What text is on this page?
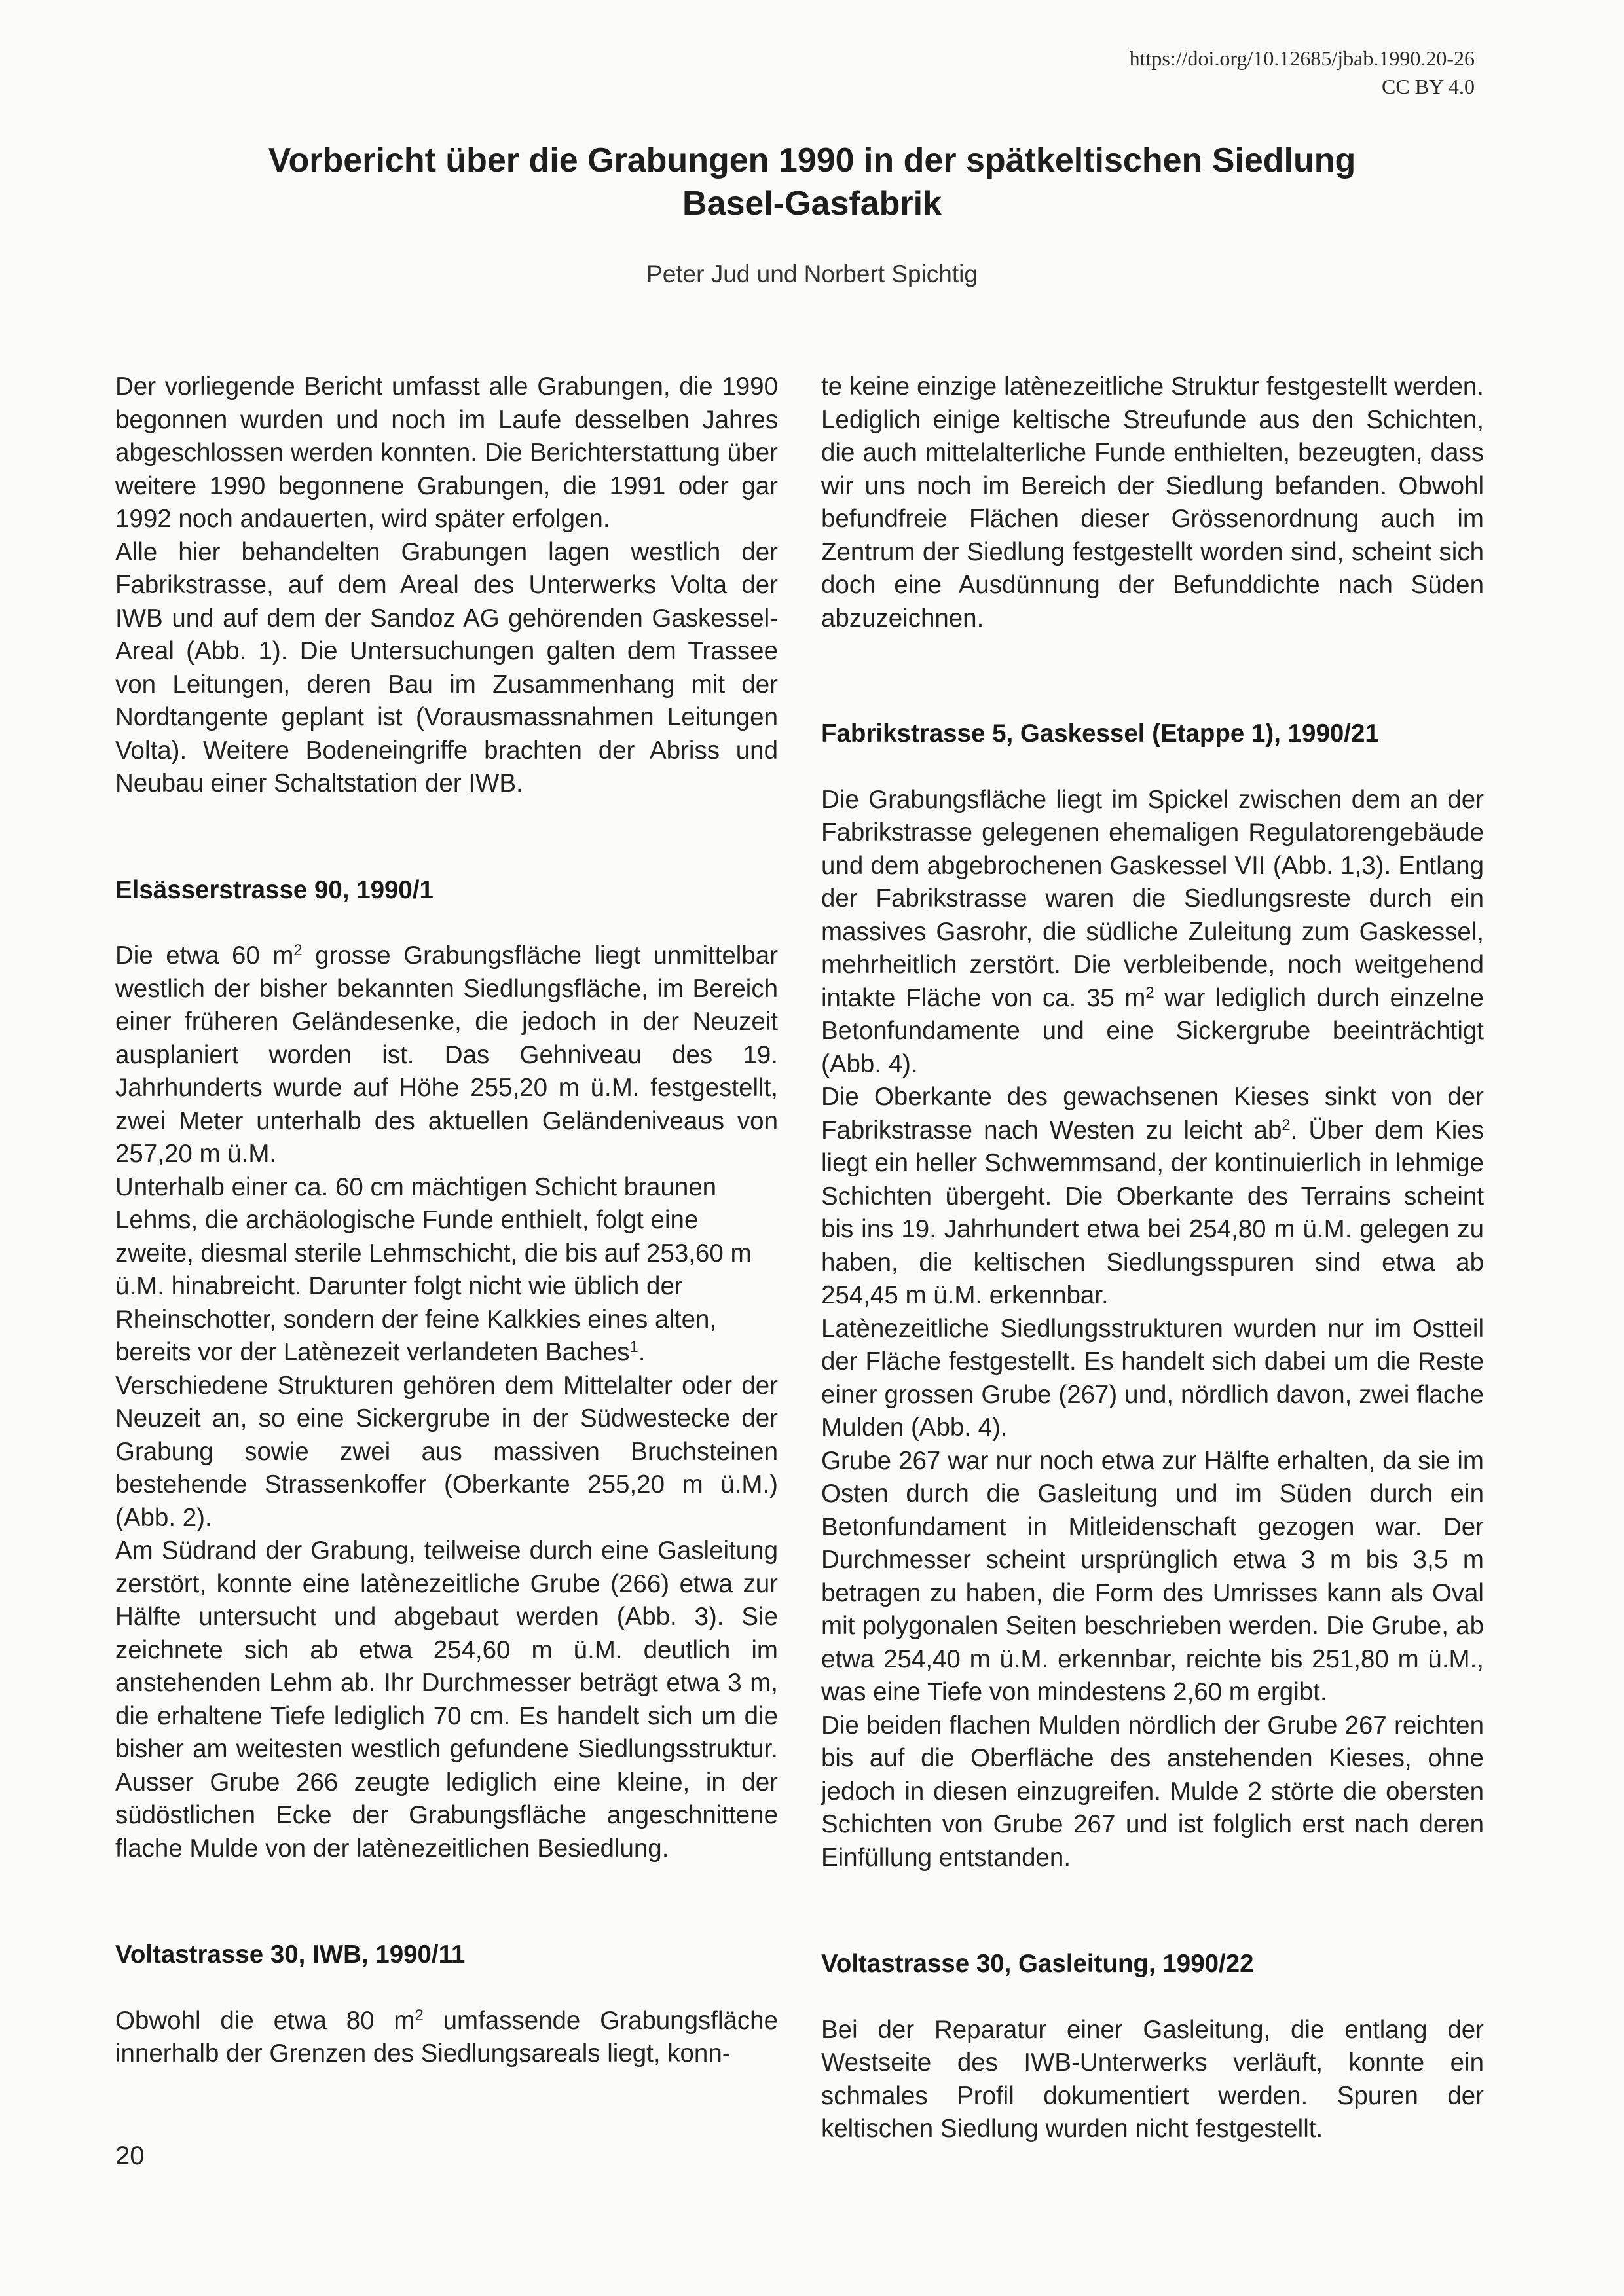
https://doi.org/10.12685/jbab.1990.20-26
CC BY 4.0
Vorbericht über die Grabungen 1990 in der spätkeltischen Siedlung
Basel-Gasfabrik
Peter Jud und Norbert Spichtig

Der vorliegende Bericht umfasst alle Grabungen, die 1990 begonnen wurden und noch im Laufe desselben Jahres abgeschlossen werden konnten. Die Berichterstattung über weitere 1990 begonnene Grabungen, die 1991 oder gar 1992 noch andauerten, wird später erfolgen.

Alle hier behandelten Grabungen lagen westlich der Fabrikstrasse, auf dem Areal des Unterwerks Volta der IWB und auf dem der Sandoz AG gehörenden Gaskessel-Areal (Abb. 1). Die Untersuchungen galten dem Trassee von Leitungen, deren Bau im Zusammenhang mit der Nordtangente geplant ist (Vorausmassnahmen Leitungen Volta). Weitere Bodeneingriffe brachten der Abriss und Neubau einer Schaltstation der IWB.

Elsässerstrasse 90, 1990/1

Die etwa 60 $m^2$ grosse Grabungsfläche liegt unmittelbar westlich der bisher bekannten Siedlungsfläche, im Bereich einer früheren Geländesenke, die jedoch in der Neuzeit ausplaniert worden ist. Das Gehniveau des 19. Jahrhunderts wurde auf Höhe 255,20 m ü.M. festgestellt, zwei Meter unterhalb des aktuellen Geländeniveaus von 257,20 m ü.M.

Unterhalb einer ca. 60 cm mächtigen Schicht braunen Lehms, die archäologische Funde enthielt, folgt eine zweite, diesmal sterile Lehmschicht, die bis auf 253,60 m ü.M. hinabreicht. Darunter folgt nicht wie üblich der Rheinschotter, sondern der feine Kalkkies eines alten, bereits vor der Latènezeit verlandeten Baches$^1$.

Verschiedene Strukturen gehören dem Mittelalter oder der Neuzeit an, so eine Sickergrube in der Südwestecke der Grabung sowie zwei aus massiven Bruchsteinen bestehende Strassenkoffer (Oberkante 255,20 m ü.M.) (Abb. 2).

Am Südrand der Grabung, teilweise durch eine Gasleitung zerstört, konnte eine latènezeitliche Grube (266) etwa zur Hälfte untersucht und abgebaut werden (Abb. 3). Sie zeichnete sich ab etwa 254,60 m ü.M. deutlich im anstehenden Lehm ab. Ihr Durchmesser beträgt etwa 3 m, die erhaltene Tiefe lediglich 70 cm. Es handelt sich um die bisher am weitesten westlich gefundene Siedlungsstruktur. Ausser Grube 266 zeugte lediglich eine kleine, in der südöstlichen Ecke der Grabungsfläche angeschnittene flache Mulde von der latènezeitlichen Besiedlung.

Voltastrasse 30, IWB, 1990/11

Obwohl die etwa 80 $m^2$ umfassende Grabungsfläche innerhalb der Grenzen des Siedlungsareals liegt, konn-

te keine einzige latènezeitliche Struktur festgestellt werden. Lediglich einige keltische Streufunde aus den Schichten, die auch mittelalterliche Funde enthielten, bezeugten, dass wir uns noch im Bereich der Siedlung befanden. Obwohl befundfreie Flächen dieser Grössenordnung auch im Zentrum der Siedlung festgestellt worden sind, scheint sich doch eine Ausdünnung der Befunddichte nach Süden abzuzeichnen.

Fabrikstrasse 5, Gaskessel (Etappe 1), 1990/21

Die Grabungsfläche liegt im Spickel zwischen dem an der Fabrikstrasse gelegenen ehemaligen Regulatorengebäude und dem abgebrochenen Gaskessel VII (Abb. 1,3). Entlang der Fabrikstrasse waren die Siedlungsreste durch ein massives Gasrohr, die südliche Zuleitung zum Gaskessel, mehrheitlich zerstört. Die verbleibende, noch weitgehend intakte Fläche von ca. 35 $m^2$ war lediglich durch einzelne Betonfundamente und eine Sickergrube beeinträchtigt (Abb. 4).

Die Oberkante des gewachsenen Kieses sinkt von der Fabrikstrasse nach Westen zu leicht $ab^2$. Über dem Kies liegt ein heller Schwemmsand, der kontinuierlich in lehmige Schichten übergeht. Die Oberkante des Terrains scheint bis ins 19. Jahrhundert etwa bei 254,80 m ü.M. gelegen zu haben, die keltischen Siedlungsspuren sind etwa ab 254,45 m ü.M. erkennbar.

Latènezeitliche Siedlungsstrukturen wurden nur im Ostteil der Fläche festgestellt. Es handelt sich dabei um die Reste einer grossen Grube (267) und, nördlich davon, zwei flache Mulden (Abb. 4).

Grube 267 war nur noch etwa zur Hälfte erhalten, da sie im Osten durch die Gasleitung und im Süden durch ein Betonfundament in Mitleidenschaft gezogen war. Der Durchmesser scheint ursprünglich etwa 3 m bis 3,5 m betragen zu haben, die Form des Umrisses kann als Oval mit polygonalen Seiten beschrieben werden. Die Grube, ab etwa 254,40 m ü.M. erkennbar, reichte bis 251,80 m ü.M., was eine Tiefe von mindestens 2,60 m ergibt.

Die beiden flachen Mulden nördlich der Grube 267 reichten bis auf die Oberfläche des anstehenden Kieses, ohne jedoch in diesen einzugreifen. Mulde 2 störte die obersten Schichten von Grube 267 und ist folglich erst nach deren Einfüllung entstanden.

Voltastrasse 30, Gasleitung, 1990/22

Bei der Reparatur einer Gasleitung, die entlang der Westseite des IWB-Unterwerks verläuft, konnte ein schmales Profil dokumentiert werden. Spuren der keltischen Siedlung wurden nicht festgestellt.

20
